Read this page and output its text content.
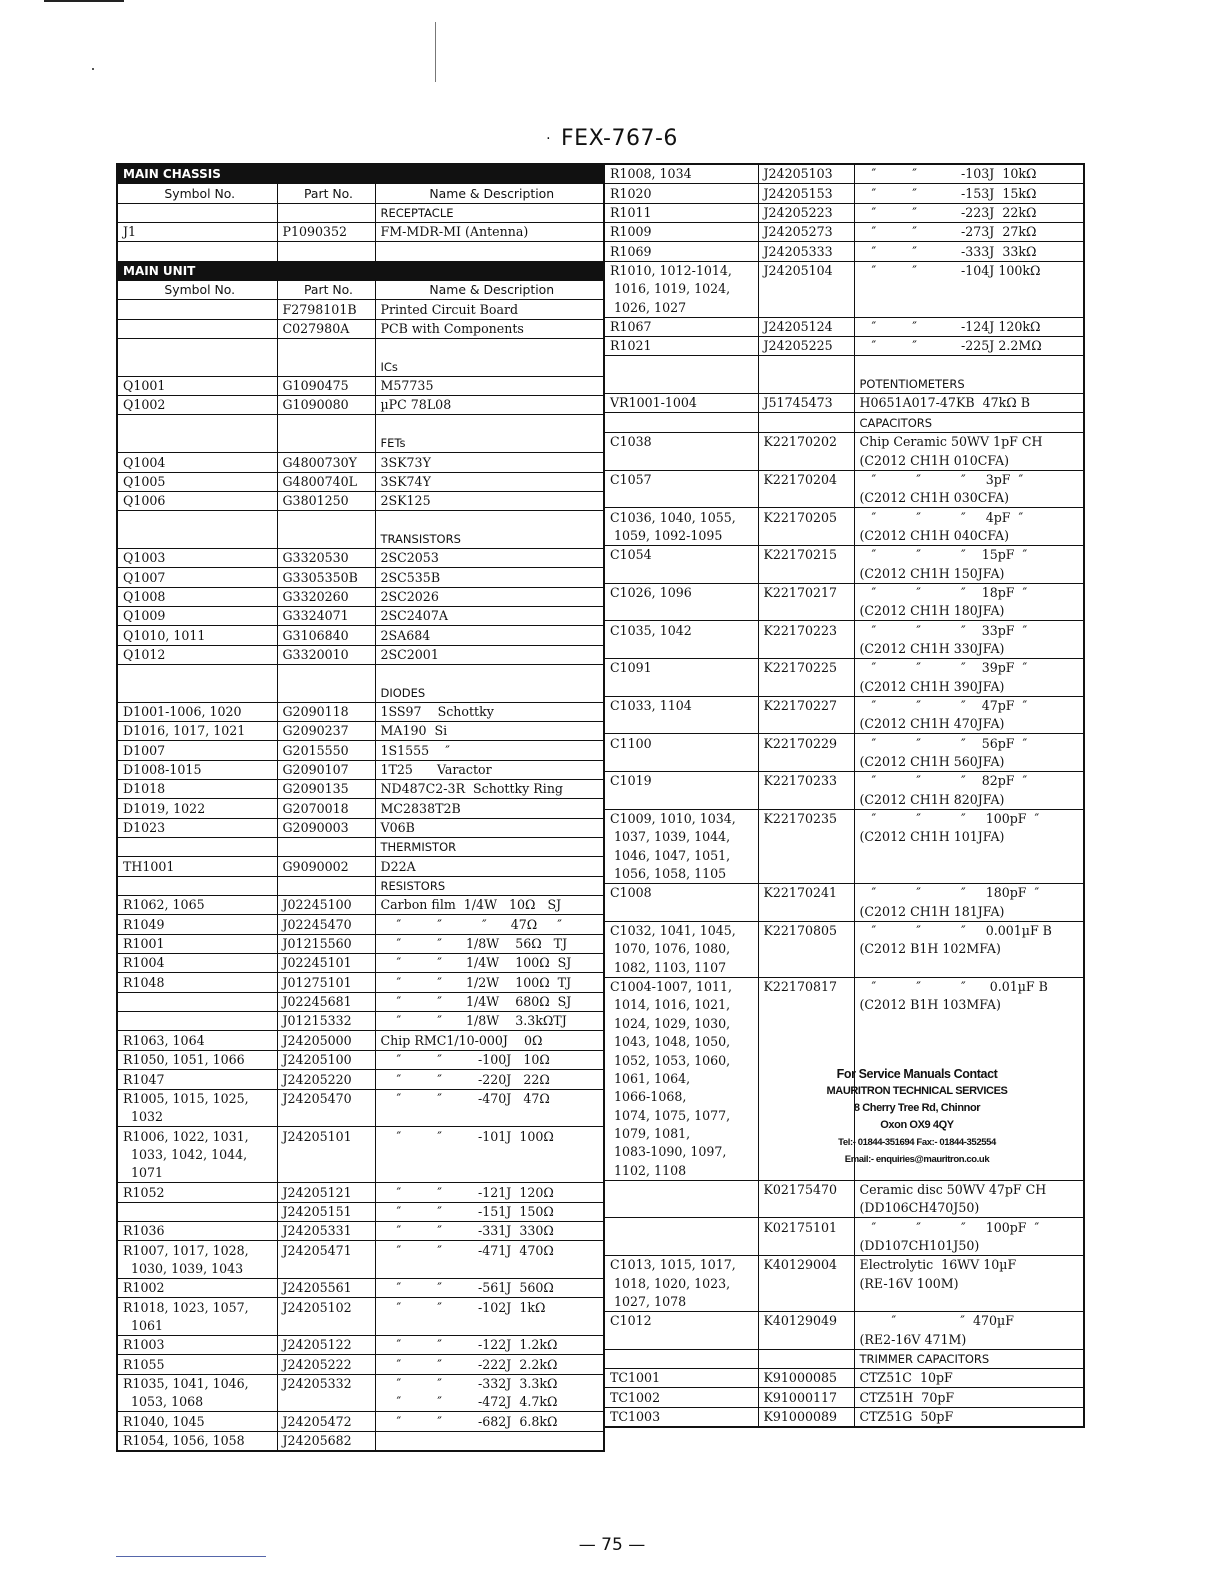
· FEX-767-6
MAIN CHASSIS		
Symbol No.	Part No.	Name & Description
		RECEPTACLE
J1	P1090352	FM-MDR-MI (Antenna)

MAIN UNIT		
Symbol No.	Part No.	Name & Description
	F2798101B	Printed Circuit Board
	C027980A	PCB with Components

		ICs
Q1001	G1090475	M57735
Q1002	G1090080	µPC 78L08

		FETs
Q1004	G4800730Y	3SK73Y
Q1005	G4800740L	3SK74Y
Q1006	G3801250	2SK125

		TRANSISTORS
Q1003	G3320530	2SC2053
Q1007	G3305350B	2SC535B
Q1008	G3320260	2SC2026
Q1009	G3324071	2SC2407A
Q1010, 1011	G3106840	2SA684
Q1012	G3320010	2SC2001

		DIODES
D1001-1006, 1020	G2090118	1SS97    Schottky
D1016, 1017, 1021	G2090237	MA190  Si
D1007	G2015550	1S1555    ″
D1008-1015	G2090107	1T25      Varactor
D1018	G2090135	ND487C2-3R  Schottky Ring
D1019, 1022	G2070018	MC2838T2B
D1023	G2090003	V06B
		THERMISTOR
TH1001	G9090002	D22A
		RESISTORS
R1062, 1065	J02245100	Carbon film  1/4W   10Ω   SJ
R1049	J02245470	″         ″          ″      47Ω     ″
R1001	J01215560	″         ″      1/8W    56Ω   TJ
R1004	J02245101	″         ″      1/4W    100Ω  SJ
R1048	J01275101	″         ″      1/2W    100Ω  TJ
	J02245681	″         ″      1/4W    680Ω  SJ
	J01215332	″         ″      1/8W    3.3kΩTJ
R1063, 1064	J24205000	Chip RMC1/10-000J    0Ω
R1050, 1051, 1066	J24205100	″         ″         -100J   10Ω
R1047	J24205220	″         ″         -220J   22Ω
R1005, 1015, 1025,	J24205470	″         ″         -470J   47Ω
1032		
R1006, 1022, 1031,	J24205101	″         ″         -101J  100Ω
1033, 1042, 1044,		
1071		
R1052	J24205121	″         ″         -121J  120Ω
	J24205151	″         ″         -151J  150Ω
R1036	J24205331	″         ″         -331J  330Ω
R1007, 1017, 1028,	J24205471	″         ″         -471J  470Ω
1030, 1039, 1043		
R1002	J24205561	″         ″         -561J  560Ω
R1018, 1023, 1057,	J24205102	″         ″         -102J  1kΩ
1061		
R1003	J24205122	″         ″         -122J  1.2kΩ
R1055	J24205222	″         ″         -222J  2.2kΩ
R1035, 1041, 1046,	J24205332	″         ″         -332J  3.3kΩ
1053, 1068		″         ″         -472J  4.7kΩ
R1040, 1045	J24205472	″         ″         -682J  6.8kΩ
R1054, 1056, 1058	J24205682	
R1008, 1034	J24205103	″         ″           -103J  10kΩ
R1020	J24205153	″         ″           -153J  15kΩ
R1011	J24205223	″         ″           -223J  22kΩ
R1009	J24205273	″         ″           -273J  27kΩ
R1069	J24205333	″         ″           -333J  33kΩ
R1010, 1012-1014,	J24205104	″         ″           -104J 100kΩ
1016, 1019, 1024,		
1026, 1027		
R1067	J24205124	″         ″           -124J 120kΩ
R1021	J24205225	″         ″           -225J 2.2MΩ

		POTENTIOMETERS
VR1001-1004	J51745473	H0651A017-47KB  47kΩ B
		CAPACITORS
C1038	K22170202	Chip Ceramic 50WV 1pF CH
		(C2012 CH1H 010CFA)
C1057	K22170204	″          ″          ″     3pF  ″
		(C2012 CH1H 030CFA)
C1036, 1040, 1055,	K22170205	″          ″          ″     4pF  ″
1059, 1092-1095		(C2012 CH1H 040CFA)
C1054	K22170215	″          ″          ″    15pF  ″
		(C2012 CH1H 150JFA)
C1026, 1096	K22170217	″          ″          ″    18pF  ″
		(C2012 CH1H 180JFA)
C1035, 1042	K22170223	″          ″          ″    33pF  ″
		(C2012 CH1H 330JFA)
C1091	K22170225	″          ″          ″    39pF  ″
		(C2012 CH1H 390JFA)
C1033, 1104	K22170227	″          ″          ″    47pF  ″
		(C2012 CH1H 470JFA)
C1100	K22170229	″          ″          ″    56pF  ″
		(C2012 CH1H 560JFA)
C1019	K22170233	″          ″          ″    82pF  ″
		(C2012 CH1H 820JFA)
C1009, 1010, 1034,	K22170235	″          ″          ″     100pF  ″
1037, 1039, 1044,		(C2012 CH1H 101JFA)
1046, 1047, 1051,		
1056, 1058, 1105		
C1008	K22170241	″          ″          ″     180pF  ″
		(C2012 CH1H 181JFA)
C1032, 1041, 1045,	K22170805	″          ″          ″     0.001µF B
1070, 1076, 1080,		(C2012 B1H 102MFA)
1082, 1103, 1107		
C1004-1007, 1011,	K22170817	″          ″          ″      0.01µF B
1014, 1016, 1021,		(C2012 B1H 103MFA)
1024, 1029, 1030,		
1043, 1048, 1050,		
1052, 1053, 1060,		
1061, 1064,		
1066-1068,		
1074, 1075, 1077,		
1079, 1081,		
1083-1090, 1097,		
1102, 1108		
	K02175470	Ceramic disc 50WV 47pF CH
		(DD106CH470J50)
	K02175101	″          ″          ″     100pF  ″
		(DD107CH101J50)
C1013, 1015, 1017,	K40129004	Electrolytic  16WV 10µF
1018, 1020, 1023,		(RE-16V 100M)
1027, 1078		
C1012	K40129049	″                ″  470µF
		(RE2-16V 471M)
		TRIMMER CAPACITORS
TC1001	K91000085	CTZ51C  10pF
TC1002	K91000117	CTZ51H  70pF
TC1003	K91000089	CTZ51G  50pF
For Service Manuals Contact
MAURITRON TECHNICAL SERVICES
8 Cherry Tree Rd, Chinnor
Oxon OX9 4QY
Tel:- 01844-351694 Fax:- 01844-352554
Email:- enquiries@mauritron.co.uk
— 75 —
